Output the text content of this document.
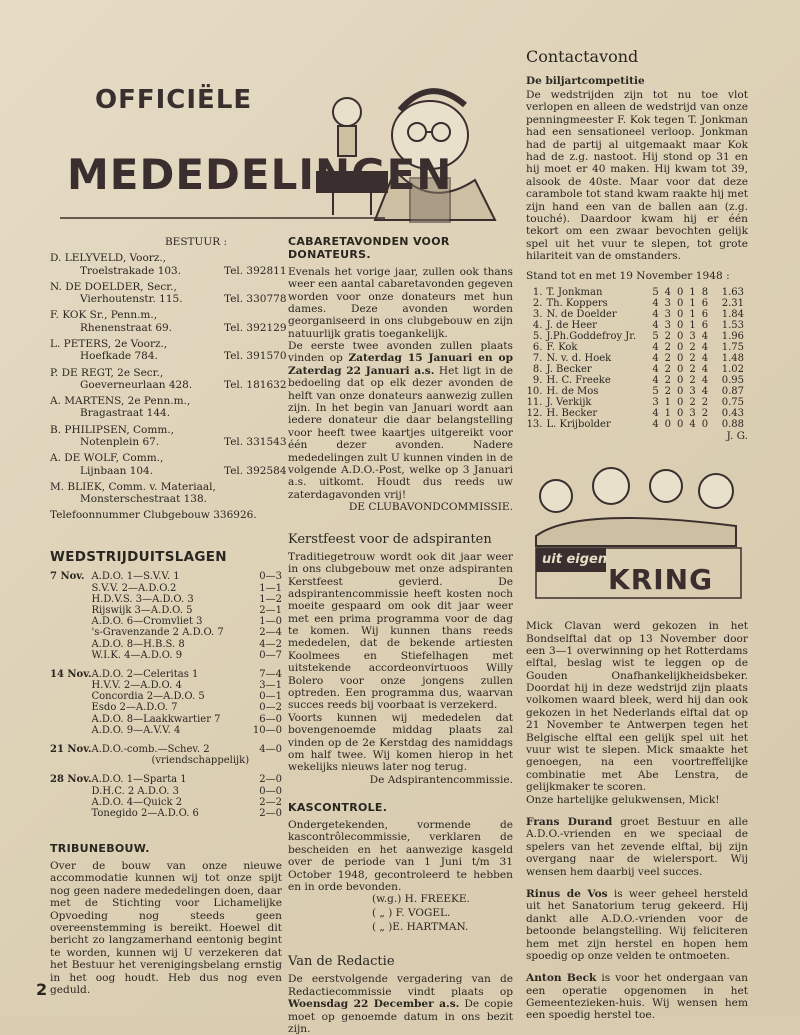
OFFICIËLE
MEDEDELINGEN
BESTUUR :
D. LELYVELD, Voorz.,
Troelstrakade 103.	Tel. 392811
N. DE DOELDER, Secr.,
Vierhoutenstr. 115.	Tel. 330778
F. KOK Sr., Penn.m.,
Rhenenstraat 69.	Tel. 392129
L. PETERS, 2e Voorz.,
Hoefkade 784.	Tel. 391570
P. DE REGT, 2e Secr.,
Goeverneurlaan 428.	Tel. 181632
A. MARTENS, 2e Penn.m.,
Bragastraat 144.
B. PHILIPSEN, Comm.,
Notenplein 67.	Tel. 331543
A. DE WOLF, Comm.,
Lijnbaan 104.	Tel. 392584
M. BLIEK, Comm. v. Materiaal,
Monsterschestraat 138.
Telefoonnummer Clubgebouw 336926.
WEDSTRIJDUITSLAGEN
7 Nov.	A.D.O. 1—S.V.V. 1	0—3
	S.V.V. 2—A.D.O.2	1—1
	H.D.V.S. 3—A.D.O. 3	1—2
	Rijswijk 3—A.D.O. 5	2—1
	A.D.O. 6—Cromvliet 3	1—0
	's-Gravenzande 2 A.D.O. 7	2—4
	A.D.O. 8—H.B.S. 8	4—2
	W.I.K. 4—A.D.O. 9	0—7

14 Nov.	A.D.O. 2—Celeritas 1	7—4
	H.V.V. 2—A.D.O. 4	3—1
	Concordia 2—A.D.O. 5	0—1
	Esdo 2—A.D.O. 7	0—2
	A.D.O. 8—Laakkwartier 7	6—0
	A.D.O. 9—A.V.V. 4	10—0

21 Nov.	A.D.O.-comb.—Schev. 2	4—0
	(vriendschappelijk)	

28 Nov.	A.D.O. 1—Sparta 1	2—0
	D.H.C. 2 A.D.O. 3	0—0
	A.D.O. 4—Quick 2	2—2
	Tonegido 2—A.D.O. 6	2—0
TRIBUNEBOUW.
Over de bouw van onze nieuwe accommodatie kunnen wij tot onze spijt nog geen nadere mededelingen doen, daar met de Stichting voor Lichamelijke Opvoeding nog steeds geen overeenstemming is bereikt. Hoewel dit bericht zo langzamerhand eentonig begint te worden, kunnen wij U verzekeren dat het Bestuur het verenigingsbelang ernstig in het oog houdt. Heb dus nog even geduld.
CABARETAVONDEN VOOR DONATEURS.
Evenals het vorige jaar, zullen ook thans weer een aantal cabaretavonden gegeven worden voor onze donateurs met hun dames. Deze avonden worden georganiseerd in ons clubgebouw en zijn natuurlijk gratis toegankelijk.
De eerste twee avonden zullen plaats vinden op Zaterdag 15 Januari en op Zaterdag 22 Januari a.s. Het ligt in de bedoeling dat op elk dezer avonden de helft van onze donateurs aanwezig zullen zijn. In het begin van Januari wordt aan iedere donateur die daar belangstelling voor heeft twee kaartjes uitgereikt voor één dezer avonden. Nadere mededelingen zult U kunnen vinden in de volgende A.D.O.-Post, welke op 3 Januari a.s. uitkomt. Houdt dus reeds uw zaterdagavonden vrij!
DE CLUBAVONDCOMMISSIE.
Kerstfeest voor de adspiranten
Traditiegetrouw wordt ook dit jaar weer in ons clubgebouw met onze adspiranten Kerstfeest gevierd. De adspirantencommissie heeft kosten noch moeite gespaard om ook dit jaar weer met een prima programma voor de dag te komen. Wij kunnen thans reeds mededelen, dat de bekende artiesten Koolmees en Stiefelhagen met uitstekende accordeonvirtuoos Willy Bolero voor onze jongens zullen optreden. Een programma dus, waarvan succes reeds bij voorbaat is verzekerd.
Voorts kunnen wij mededelen dat bovengenoemde middag plaats zal vinden op de 2e Kerstdag des namiddags om half twee. Wij komen hierop in het wekelijks nieuws later nog terug.
De Adspirantencommissie.
KASCONTROLE.
Ondergetekenden, vormende de kascontrôlecommissie, verklaren de bescheiden en het aanwezige kasgeld over de periode van 1 Juni t/m 31 October 1948, gecontroleerd te hebben en in orde bevonden.
(w.g.) H. FREEKE.
( „ ) F. VOGEL.
( „ )E. HARTMAN.
Van de Redactie
De eerstvolgende vergadering van de Redactiecommissie vindt plaats op Woensdag 22 December a.s. De copie moet op genoemde datum in ons bezit zijn.
Contactavond
De biljartcompetitie
De wedstrijden zijn tot nu toe vlot verlopen en alleen de wedstrijd van onze penningmeester F. Kok tegen T. Jonkman had een sensationeel verloop. Jonkman had de partij al uitgemaakt maar Kok had de z.g. nastoot. Hij stond op 31 en hij moet er 40 maken. Hij kwam tot 39, alsook de 40ste. Maar voor dat deze carambole tot stand kwam raakte hij met zijn hand een van de ballen aan (z.g. touché). Daardoor kwam hij er één tekort om een zwaar bevochten gelijk spel uit het vuur te slepen, tot grote hilariteit van de omstanders.
Stand tot en met 19 November 1948 :
1.	T. Jonkman	5	4	0	1	8	1.63
2.	Th. Koppers	4	3	0	1	6	2.31
3.	N. de Doelder	4	3	0	1	6	1.84
4.	J. de Heer	4	3	0	1	6	1.53
5.	J.Ph.Goddefroy Jr.	5	2	0	3	4	1.96
6.	F. Kok	4	2	0	2	4	1.75
7.	N. v. d. Hoek	4	2	0	2	4	1.48
8.	J. Becker	4	2	0	2	4	1.02
9.	H. C. Freeke	4	2	0	2	4	0.95
10.	H. de Mos	5	2	0	3	4	0.87
11.	J. Verkijk	3	1	0	2	2	0.75
12.	H. Becker	4	1	0	3	2	0.43
13.	L. Krijbolder	4	0	0	4	0	0.88
J. G.
uit eigen
KRING
Mick Clavan werd gekozen in het Bondselftal dat op 13 November door een 3—1 overwinning op het Rotterdams elftal, beslag wist te leggen op de Gouden Onafhankelijkheidsbeker. Doordat hij in deze wedstrijd zijn plaats volkomen waard bleek, werd hij dan ook gekozen in het Nederlands elftal dat op 21 November te Antwerpen tegen het Belgische elftal een gelijk spel uit het vuur wist te slepen. Mick smaakte het genoegen, na een voortreffelijke combinatie met Abe Lenstra, de gelijkmaker te scoren.
Onze hartelijke gelukwensen, Mick!
Frans Durand groet Bestuur en alle A.D.O.-vrienden en we speciaal de spelers van het zevende elftal, bij zijn overgang naar de wielersport. Wij wensen hem daarbij veel succes.
Rinus de Vos is weer geheel hersteld uit het Sanatorium terug gekeerd. Hij dankt alle A.D.O.-vrienden voor de betoonde belangstelling. Wij feliciteren hem met zijn herstel en hopen hem spoedig op onze velden te ontmoeten.
Anton Beck is voor het ondergaan van een operatie opgenomen in het Gemeentezieken-huis. Wij wensen hem een spoedig herstel toe.
2
